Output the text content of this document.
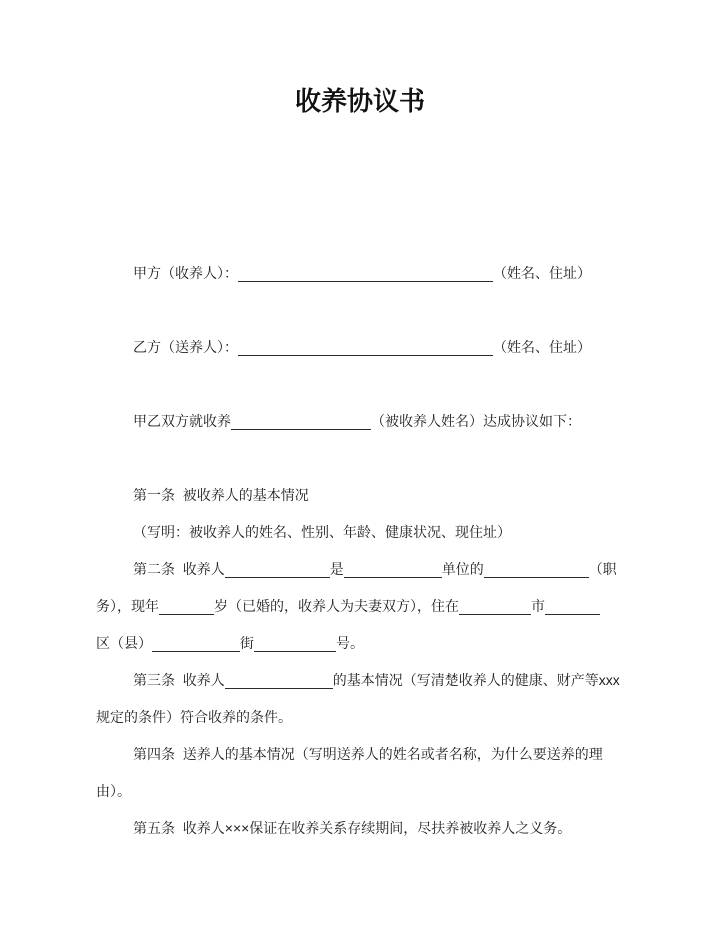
收养协议书
甲方（收养人）：	（姓名、住址）
乙方（送养人）：	（姓名、住址）
甲乙双方就收养	（被收养人姓名）达成协议如下：
第一条  被收养人的基本情况
（写明：被收养人的姓名、性别、年龄、健康状况、现住址）
第二条  收养人	是	单位的	（职
务），现年	岁（已婚的，收养人为夫妻双方），住在	市
区（县）	街	号。
第三条  收养人	的基本情况（写清楚收养人的健康、财产等xxx
规定的条件）符合收养的条件。
第四条  送养人的基本情况（写明送养人的姓名或者名称，为什么要送养的理
由）。
第五条  收养人×××保证在收养关系存续期间，尽扶养被收养人之义务。
